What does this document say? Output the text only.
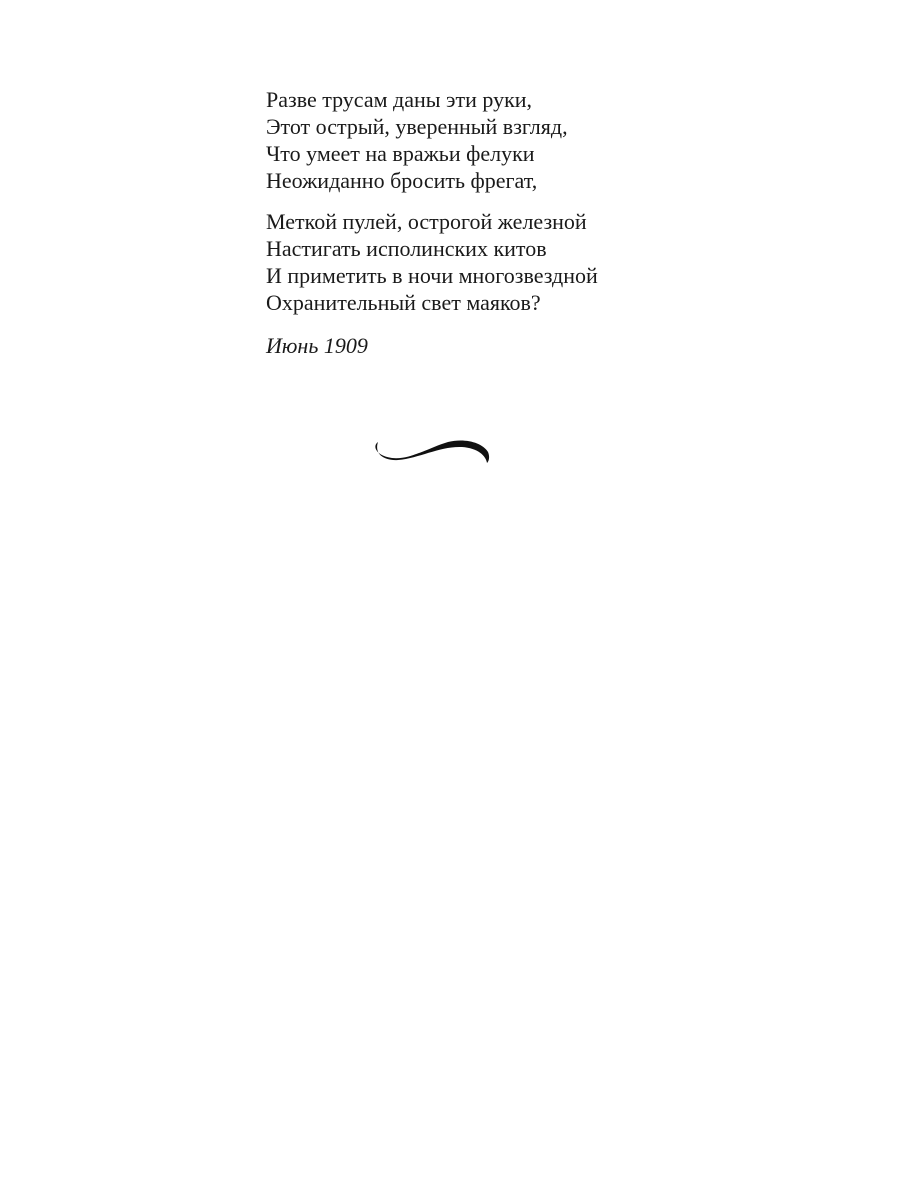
Разве трусам даны эти руки,
Этот острый, уверенный взгляд,
Что умеет на вражьи фелуки
Неожиданно бросить фрегат,

Меткой пулей, острогой железной
Настигать исполинских китов
И приметить в ночи многозвездной
Охранительный свет маяков?

Июнь 1909
